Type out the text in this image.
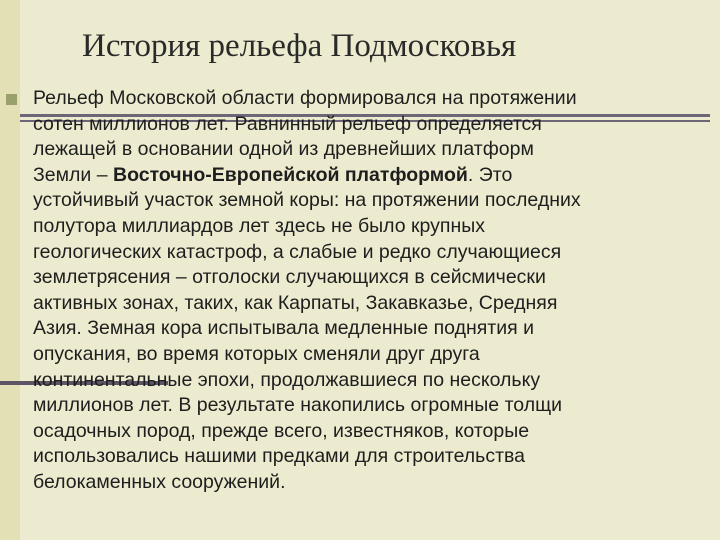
История рельефа Подмосковья

Рельеф Московской области формировался на протяжении
сотен миллионов лет. Равнинный рельеф определяется
лежащей в основании одной из древнейших платформ
Земли – Восточно-Европейской платформой. Это
устойчивый участок земной коры: на протяжении последних
полутора миллиардов лет здесь не было крупных
геологических катастроф, а слабые и редко случающиеся
землетрясения – отголоски случающихся в сейсмически
активных зонах, таких, как Карпаты, Закавказье, Средняя
Азия. Земная кора испытывала медленные поднятия и
опускания, во время которых сменяли друг друга
континентальные эпохи, продолжавшиеся по нескольку
миллионов лет. В результате накопились огромные толщи
осадочных пород, прежде всего, известняков, которые
использовались нашими предками для строительства
белокаменных сооружений.
